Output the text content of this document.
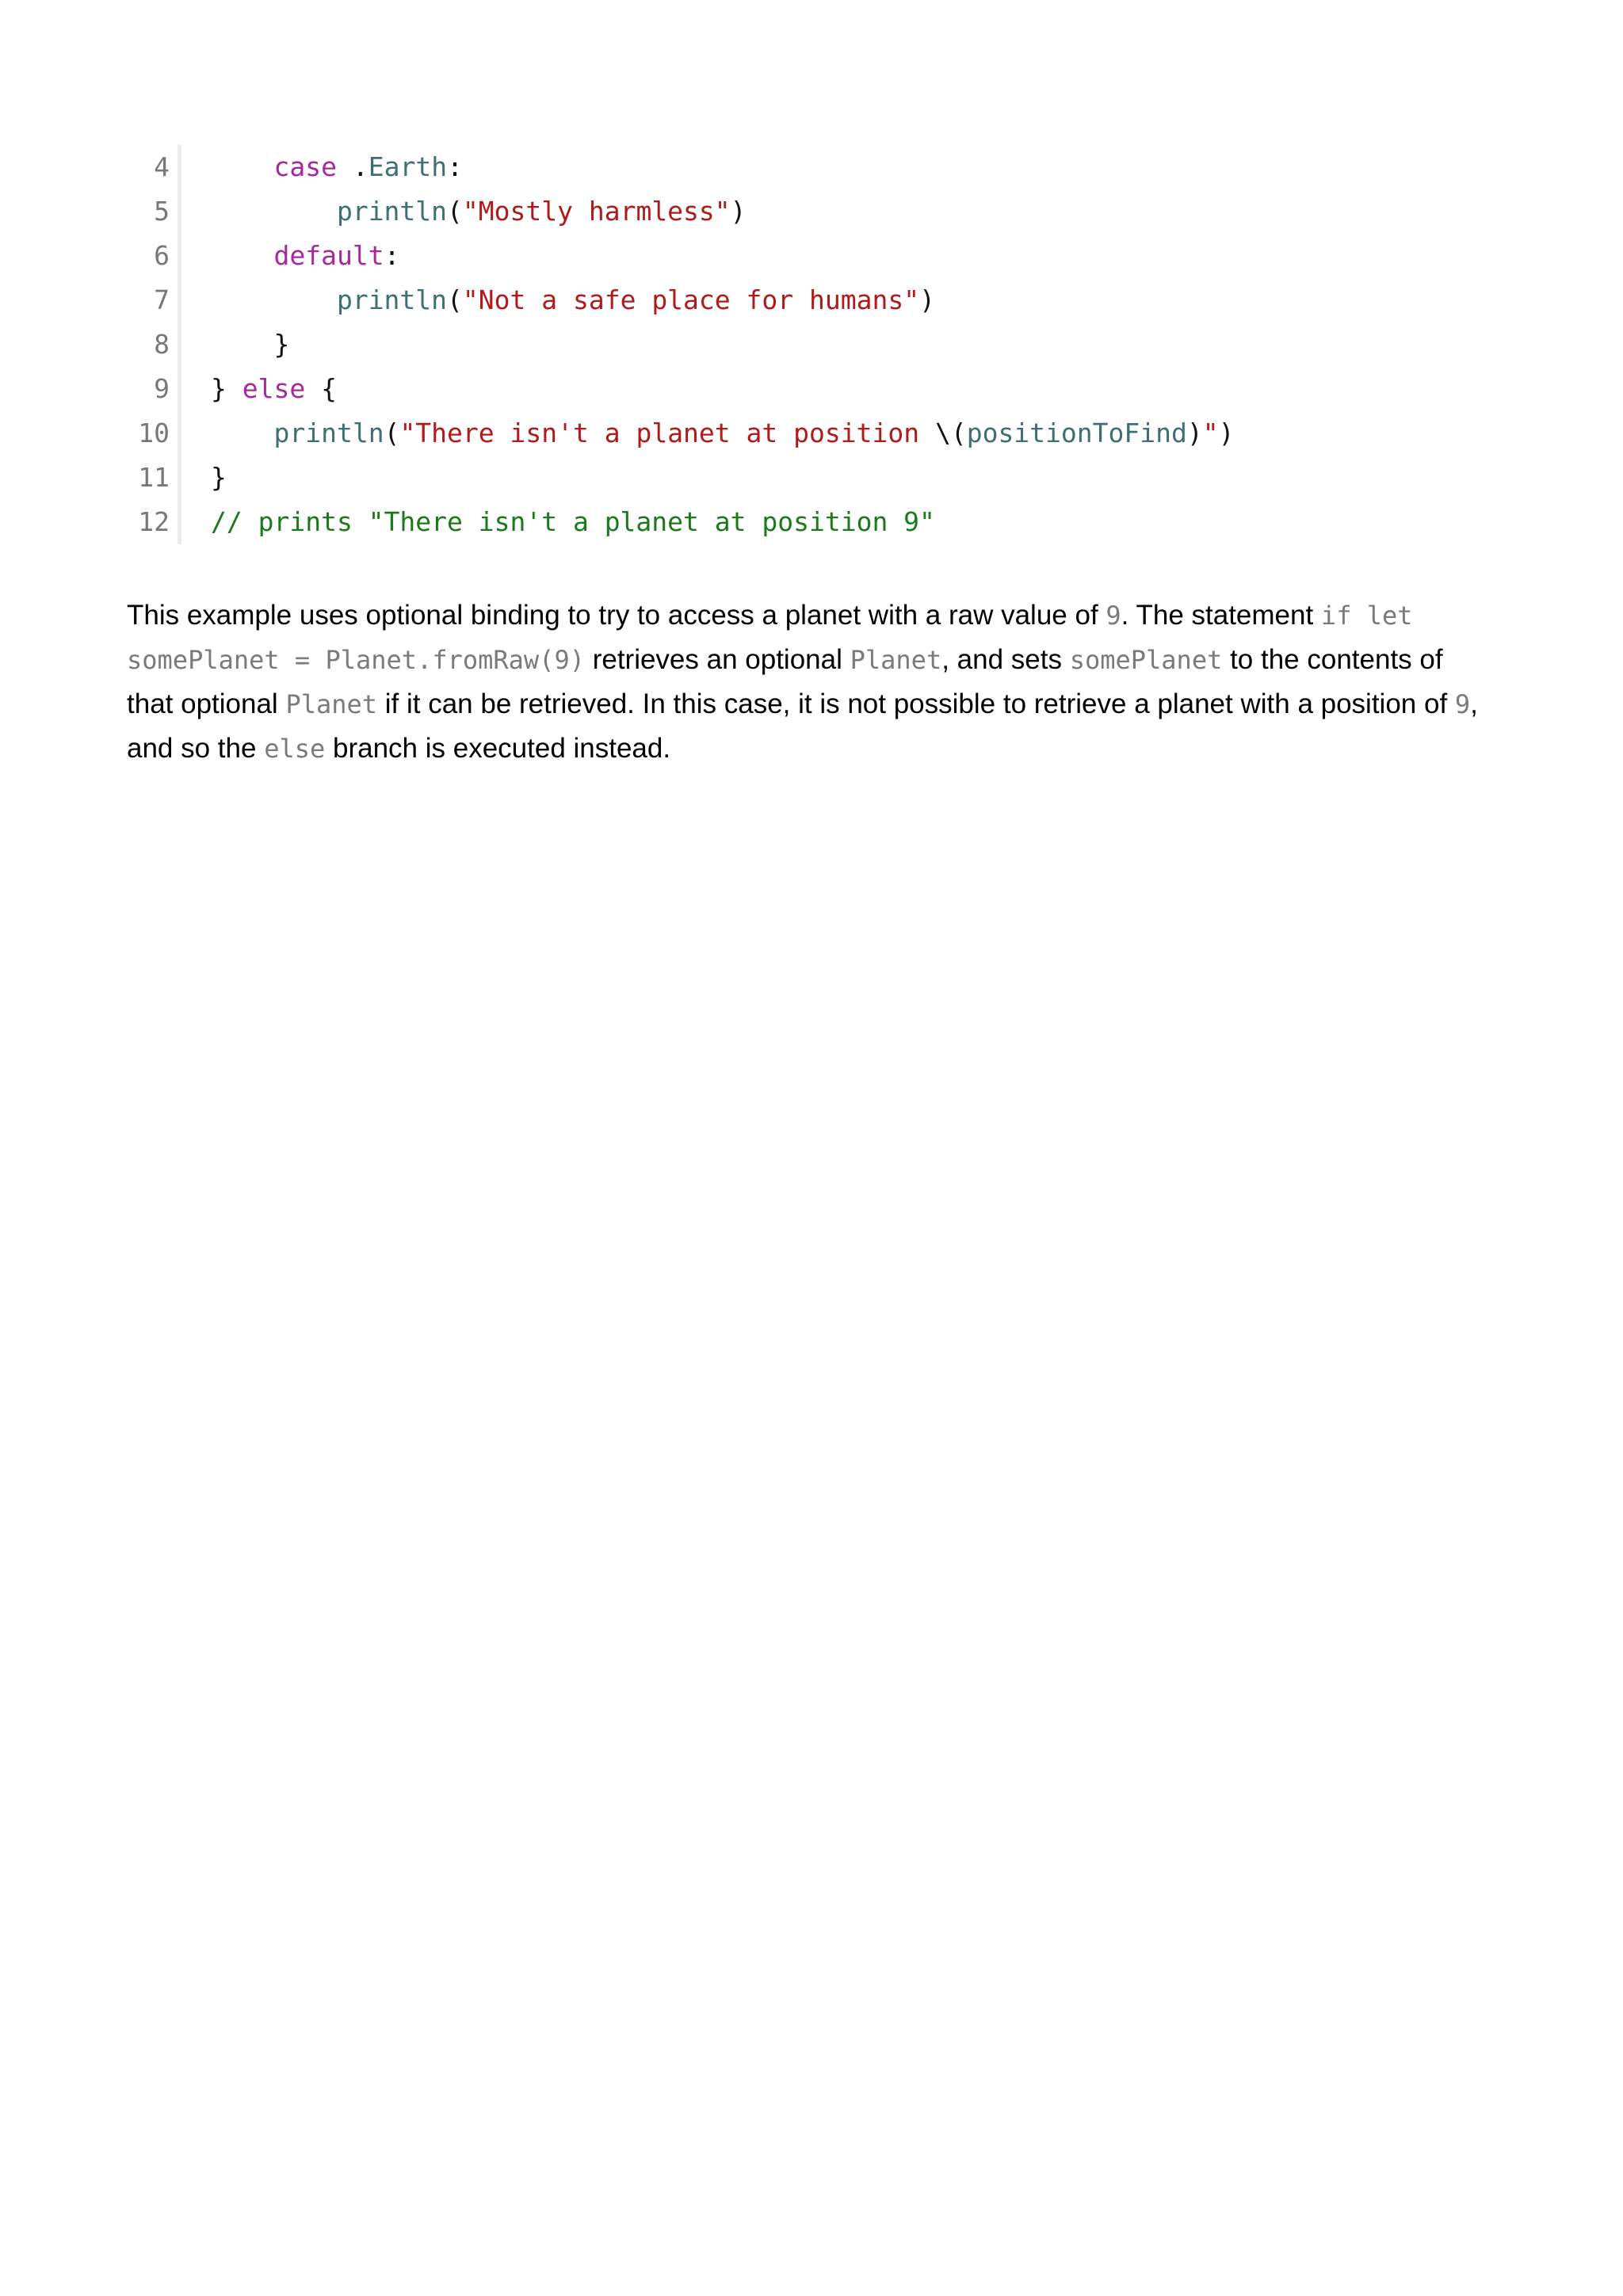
4	case .Earth:
5	println("Mostly harmless")
6	default:
7	println("Not a safe place for humans")
8	}
9	} else {
10	println("There isn't a planet at position \(positionToFind)")
11	}
12	// prints "There isn't a planet at position 9"

This example uses optional binding to try to access a planet with a raw value of 9. The statement if let somePlanet = Planet.fromRaw(9) retrieves an optional Planet, and sets somePlanet to the contents of that optional Planet if it can be retrieved. In this case, it is not possible to retrieve a planet with a position of 9, and so the else branch is executed instead.
